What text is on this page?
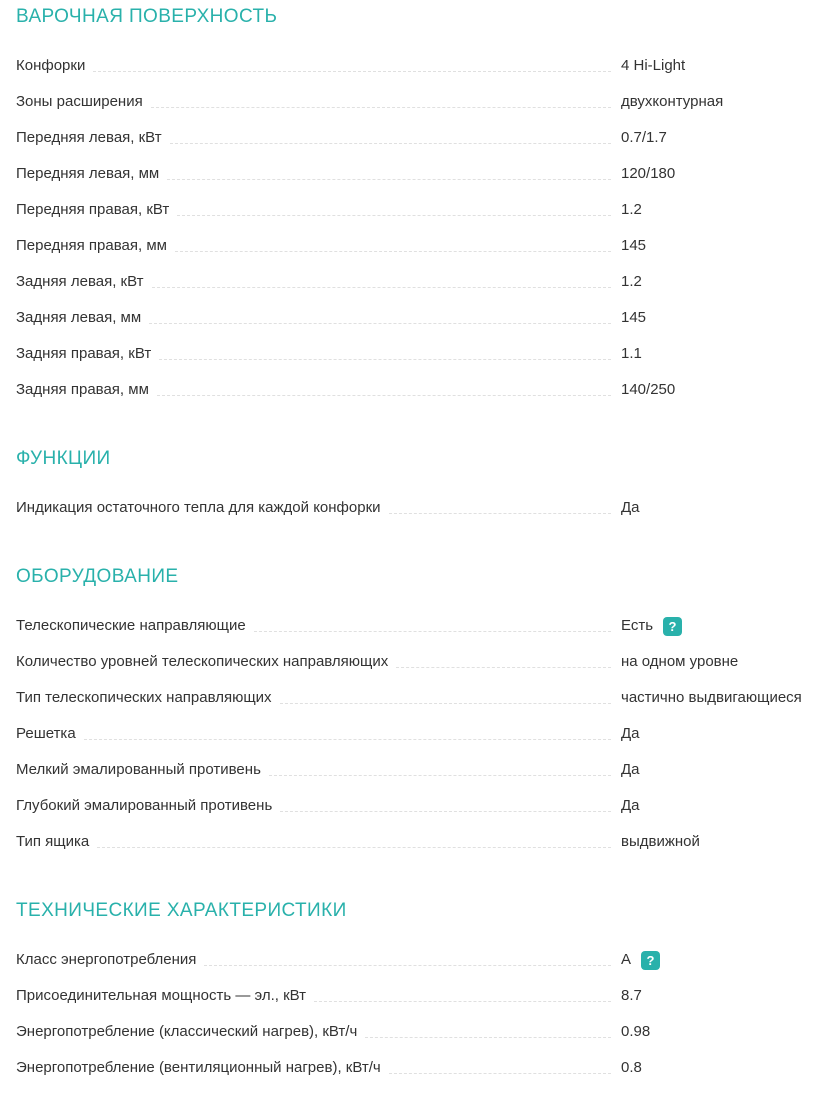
ВАРОЧНАЯ ПОВЕРХНОСТЬ
Конфорки	4 Hi-Light
Зоны расширения	двухконтурная
Передняя левая, кВт	0.7/1.7
Передняя левая, мм	120/180
Передняя правая, кВт	1.2
Передняя правая, мм	145
Задняя левая, кВт	1.2
Задняя левая, мм	145
Задняя правая, кВт	1.1
Задняя правая, мм	140/250
ФУНКЦИИ
Индикация остаточного тепла для каждой конфорки	Да
ОБОРУДОВАНИЕ
Телескопические направляющие	Есть	?
Количество уровней телескопических направляющих	на одном уровне
Тип телескопических направляющих	частично выдвигающиеся
Решетка	Да
Мелкий эмалированный противень	Да
Глубокий эмалированный противень	Да
Тип ящика	выдвижной
ТЕХНИЧЕСКИЕ ХАРАКТЕРИСТИКИ
Класс энергопотребления	A	?
Присоединительная мощность — эл., кВт	8.7
Энергопотребление (классический нагрев), кВт/ч	0.98
Энергопотребление (вентиляционный нагрев), кВт/ч	0.8
